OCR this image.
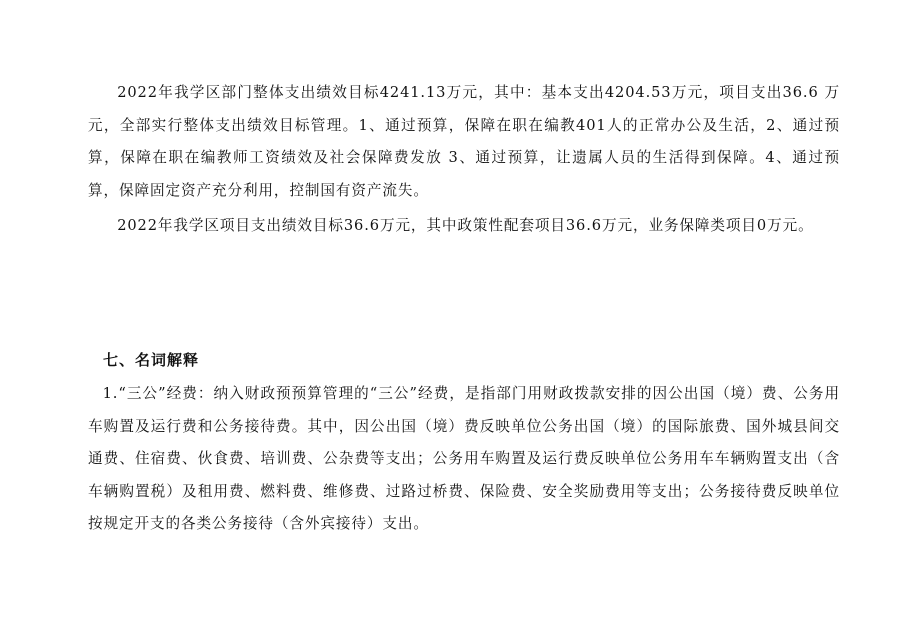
2022年我学区部门整体支出绩效目标4241.13万元，其中：基本支出4204.53万元，项目支出36.6 万元，全部实行整体支出绩效目标管理。1、通过预算，保障在职在编教401人的正常办公及生活，2、通过预算，保障在职在编教师工资绩效及社会保障费发放 3、通过预算，让遗属人员的生活得到保障。4、通过预算，保障固定资产充分利用，控制国有资产流失。

2022年我学区项目支出绩效目标36.6万元，其中政策性配套项目36.6万元，业务保障类项目0万元。

七、名词解释

1.“三公”经费：纳入财政预预算管理的“三公”经费，是指部门用财政拨款安排的因公出国（境）费、公务用车购置及运行费和公务接待费。其中，因公出国（境）费反映单位公务出国（境）的国际旅费、国外城县间交通费、住宿费、伙食费、培训费、公杂费等支出；公务用车购置及运行费反映单位公务用车车辆购置支出（含车辆购置税）及租用费、燃料费、维修费、过路过桥费、保险费、安全奖励费用等支出；公务接待费反映单位按规定开支的各类公务接待（含外宾接待）支出。
